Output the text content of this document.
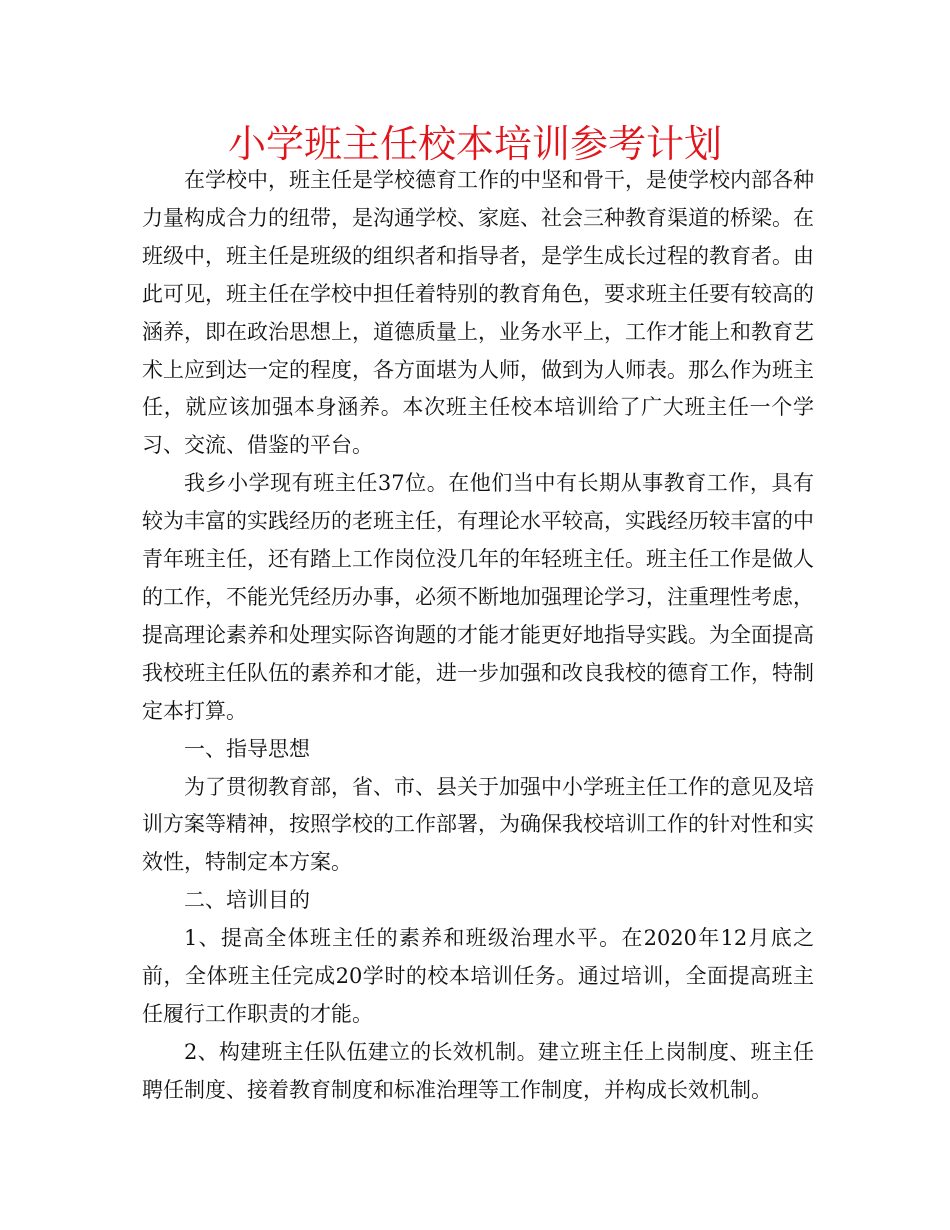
小学班主任校本培训参考计划

在学校中，班主任是学校德育工作的中坚和骨干，是使学校内部各种力量构成合力的纽带，是沟通学校、家庭、社会三种教育渠道的桥梁。在班级中，班主任是班级的组织者和指导者，是学生成长过程的教育者。由此可见，班主任在学校中担任着特别的教育角色，要求班主任要有较高的涵养，即在政治思想上，道德质量上，业务水平上，工作才能上和教育艺术上应到达一定的程度，各方面堪为人师，做到为人师表。那么作为班主任，就应该加强本身涵养。本次班主任校本培训给了广大班主任一个学习、交流、借鉴的平台。

我乡小学现有班主任37位。在他们当中有长期从事教育工作，具有较为丰富的实践经历的老班主任，有理论水平较高，实践经历较丰富的中青年班主任，还有踏上工作岗位没几年的年轻班主任。班主任工作是做人的工作，不能光凭经历办事，必须不断地加强理论学习，注重理性考虑，提高理论素养和处理实际咨询题的才能才能更好地指导实践。为全面提高我校班主任队伍的素养和才能，进一步加强和改良我校的德育工作，特制定本打算。

一、指导思想

为了贯彻教育部，省、市、县关于加强中小学班主任工作的意见及培训方案等精神，按照学校的工作部署，为确保我校培训工作的针对性和实效性，特制定本方案。

二、培训目的

1、提高全体班主任的素养和班级治理水平。在2020年12月底之前，全体班主任完成20学时的校本培训任务。通过培训，全面提高班主任履行工作职责的才能。

2、构建班主任队伍建立的长效机制。建立班主任上岗制度、班主任聘任制度、接着教育制度和标准治理等工作制度，并构成长效机制。
